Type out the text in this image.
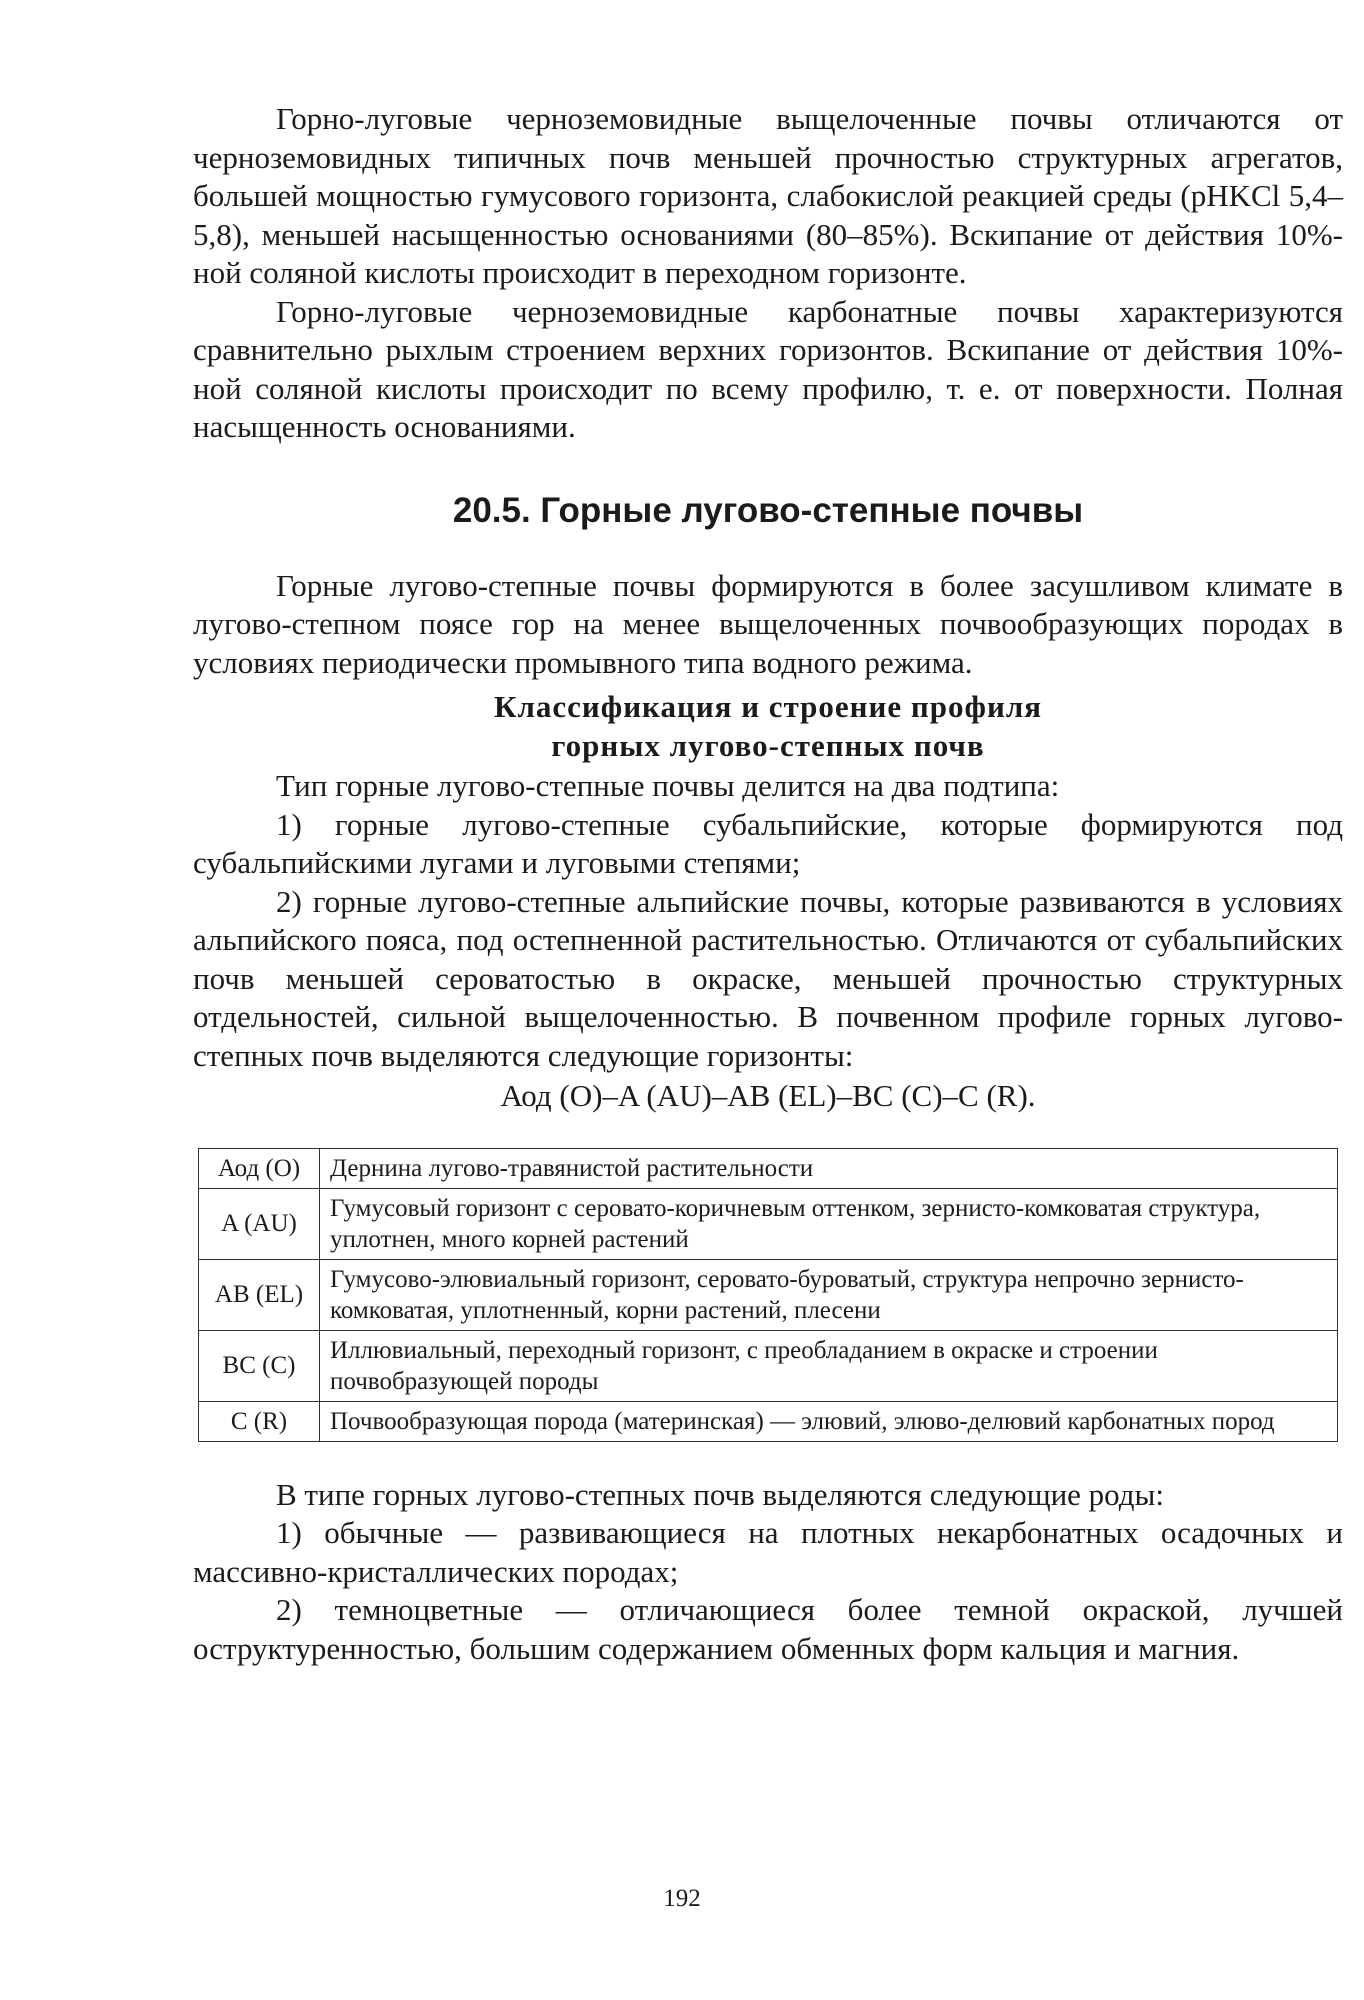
Горно-луговые черноземовидные выщелоченные почвы отличаются от черноземовидных типичных почв меньшей прочностью структурных агрегатов, большей мощностью гумусового горизонта, слабокислой реакцией среды (pHKCl 5,4–5,8), меньшей насыщенностью основаниями (80–85%). Вскипание от действия 10%-ной соляной кислоты происходит в переходном горизонте.

Горно-луговые черноземовидные карбонатные почвы характеризуются сравнительно рыхлым строением верхних горизонтов. Вскипание от действия 10%-ной соляной кислоты происходит по всему профилю, т. е. от поверхности. Полная насыщенность основаниями.

20.5. Горные лугово-степные почвы

Горные лугово-степные почвы формируются в более засушливом климате в лугово-степном поясе гор на менее выщелоченных почвообразующих породах в условиях периодически промывного типа водного режима.

Классификация и строение профиля
горных лугово-степных почв

Тип горные лугово-степные почвы делится на два подтипа:

1) горные лугово-степные субальпийские, которые формируются под субальпийскими лугами и луговыми степями;

2) горные лугово-степные альпийские почвы, которые развиваются в условиях альпийского пояса, под остепненной растительностью. Отличаются от субальпийских почв меньшей сероватостью в окраске, меньшей прочностью структурных отдельностей, сильной выщелоченностью. В почвенном профиле горных лугово-степных почв выделяются следующие горизонты:

Аод (O)–A (AU)–AB (EL)–BC (C)–C (R).
Аод (O)	Дернина лугово-травянистой растительности
A (AU)	Гумусовый горизонт с серовато-коричневым оттенком, зернисто-комковатая структура, уплотнен, много корней растений
AB (EL)	Гумусово-элювиальный горизонт, серовато-буроватый, структура непрочно зернисто-комковатая, уплотненный, корни растений, плесени
BC (C)	Иллювиальный, переходный горизонт, с преобладанием в окраске и строении почвобразующей породы
C (R)	Почвообразующая порода (материнская) — элювий, элюво-делювий карбонатных пород

В типе горных лугово-степных почв выделяются следующие роды:

1) обычные — развивающиеся на плотных некарбонатных осадочных и массивно-кристаллических породах;

2) темноцветные — отличающиеся более темной окраской, лучшей оструктуренностью, большим содержанием обменных форм кальция и магния.

192
